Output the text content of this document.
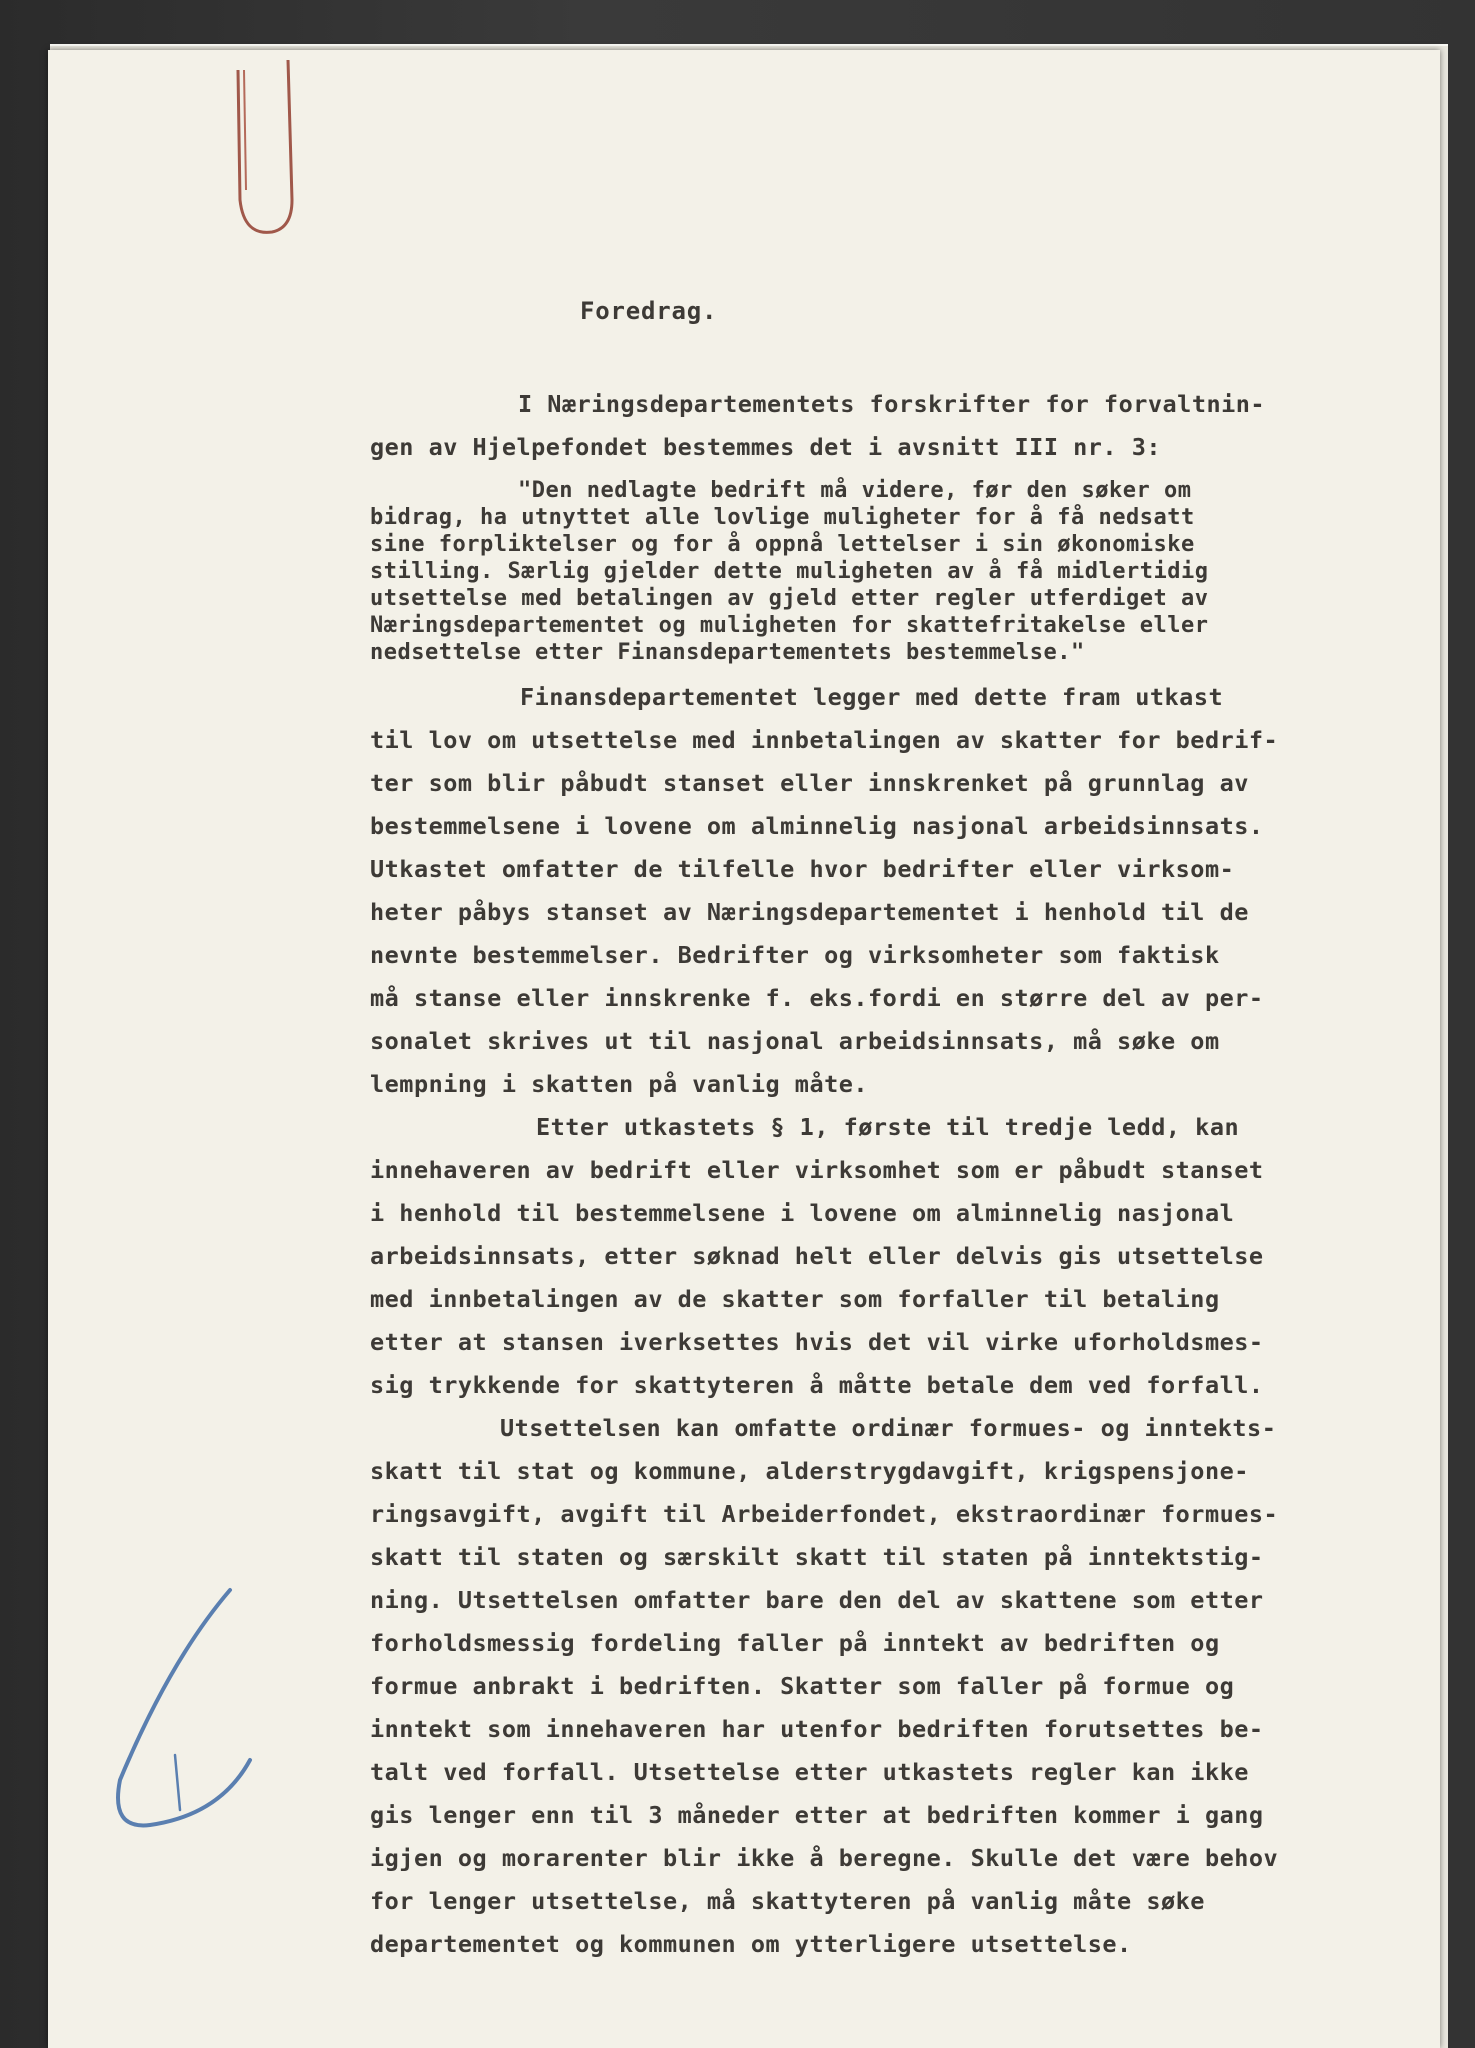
Foredrag.
I Næringsdepartementets forskrifter for forvaltnin-
gen av Hjelpefondet bestemmes det i avsnitt III nr. 3:
"Den nedlagte bedrift må videre, før den søker om
bidrag, ha utnyttet alle lovlige muligheter for å få nedsatt
sine forpliktelser og for å oppnå lettelser i sin økonomiske
stilling. Særlig gjelder dette muligheten av å få midlertidig
utsettelse med betalingen av gjeld etter regler utferdiget av
Næringsdepartementet og muligheten for skattefritakelse eller
nedsettelse etter Finansdepartementets bestemmelse."
Finansdepartementet legger med dette fram utkast
til lov om utsettelse med innbetalingen av skatter for bedrif-
ter som blir påbudt stanset eller innskrenket på grunnlag av
bestemmelsene i lovene om alminnelig nasjonal arbeidsinnsats.
Utkastet omfatter de tilfelle hvor bedrifter eller virksom-
heter påbys stanset av Næringsdepartementet i henhold til de
nevnte bestemmelser. Bedrifter og virksomheter som faktisk
må stanse eller innskrenke f. eks.fordi en større del av per-
sonalet skrives ut til nasjonal arbeidsinnsats, må søke om
lempning i skatten på vanlig måte.
Etter utkastets § 1, første til tredje ledd, kan
innehaveren av bedrift eller virksomhet som er påbudt stanset
i henhold til bestemmelsene i lovene om alminnelig nasjonal
arbeidsinnsats, etter søknad helt eller delvis gis utsettelse
med innbetalingen av de skatter som forfaller til betaling
etter at stansen iverksettes hvis det vil virke uforholdsmes-
sig trykkende for skattyteren å måtte betale dem ved forfall.
Utsettelsen kan omfatte ordinær formues- og inntekts-
skatt til stat og kommune, alderstrygdavgift, krigspensjone-
ringsavgift, avgift til Arbeiderfondet, ekstraordinær formues-
skatt til staten og særskilt skatt til staten på inntektstig-
ning. Utsettelsen omfatter bare den del av skattene som etter
forholdsmessig fordeling faller på inntekt av bedriften og
formue anbrakt i bedriften. Skatter som faller på formue og
inntekt som innehaveren har utenfor bedriften forutsettes be-
talt ved forfall. Utsettelse etter utkastets regler kan ikke
gis lenger enn til 3 måneder etter at bedriften kommer i gang
igjen og morarenter blir ikke å beregne. Skulle det være behov
for lenger utsettelse, må skattyteren på vanlig måte søke
departementet og kommunen om ytterligere utsettelse.
